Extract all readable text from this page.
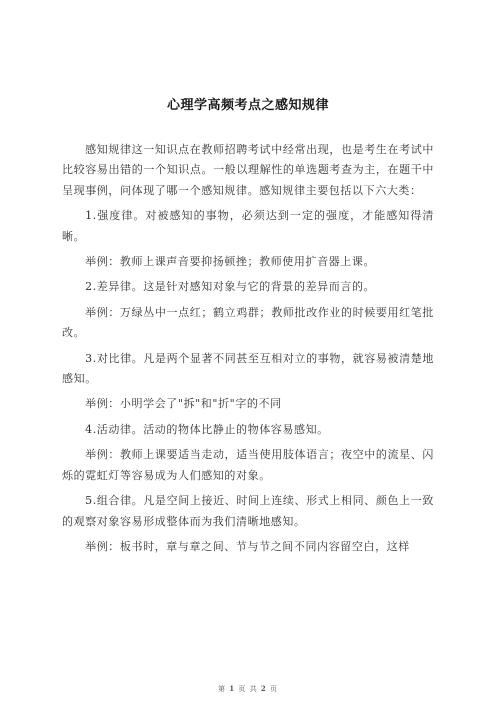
心理学高频考点之感知规律

感知规律这一知识点在教师招聘考试中经常出现，也是考生在考试中比较容易出错的一个知识点。一般以理解性的单选题考查为主，在题干中呈现事例，问体现了哪一个感知规律。感知规律主要包括以下六大类：

1.强度律。对被感知的事物，必须达到一定的强度，才能感知得清晰。

举例：教师上课声音要抑扬顿挫；教师使用扩音器上课。

2.差异律。这是针对感知对象与它的背景的差异而言的。

举例：万绿丛中一点红；鹤立鸡群；教师批改作业的时候要用红笔批改。

3.对比律。凡是两个显著不同甚至互相对立的事物，就容易被清楚地感知。

举例：小明学会了"拆"和"折"字的不同

4.活动律。活动的物体比静止的物体容易感知。

举例：教师上课要适当走动，适当使用肢体语言；夜空中的流星、闪烁的霓虹灯等容易成为人们感知的对象。

5.组合律。凡是空间上接近、时间上连续、形式上相同、颜色上一致的观察对象容易形成整体而为我们清晰地感知。

举例：板书时，章与章之间、节与节之间不同内容留空白，这样

第 1 页 共 2 页
